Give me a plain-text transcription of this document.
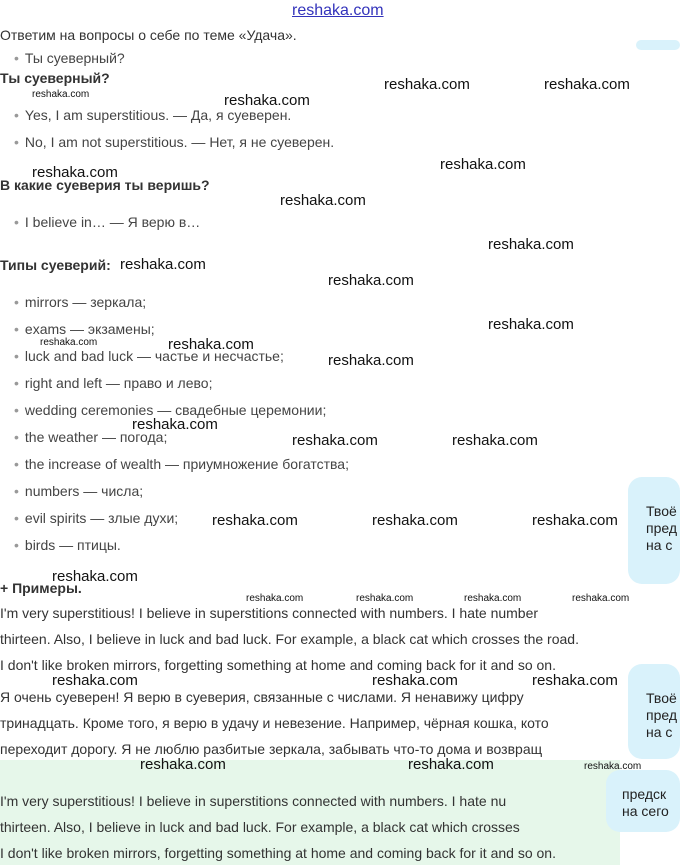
reshaka.com
Ответим на вопросы о себе по теме «Удача».
• Ты суеверный?
Ты суеверный?
• Yes, I am superstitious. — Да, я суеверен.
• No, I am not superstitious. — Нет, я не суеверен.
В какие суеверия ты веришь?
• I believe in… — Я верю в…
Типы суеверий:
• mirrors — зеркала;
• exams — экзамены;
• luck and bad luck — частье и несчастье;
• right and left — право и лево;
• wedding ceremonies — свадебные церемонии;
• the weather — погода;
• the increase of wealth — приумножение богатства;
• numbers — числа;
• evil spirits — злые духи;
• birds — птицы.
+ Примеры.
I'm very superstitious! I believe in superstitions connected with numbers. I hate number
thirteen. Also, I believe in luck and bad luck. For example, a black cat which crosses the road.
I don't like broken mirrors, forgetting something at home and coming back for it and so on.
Я очень суеверен! Я верю в суеверия, связанные с числами. Я ненавижу цифру
тринадцать. Кроме того, я верю в удачу и невезение. Например, чёрная кошка, кото
переходит дорогу. Я не люблю разбитые зеркала, забывать что-то дома и возвращ
I'm very superstitious! I believe in superstitions connected with numbers. I hate nu
thirteen. Also, I believe in luck and bad luck. For example, a black cat which crosses
I don't like broken mirrors, forgetting something at home and coming back for it and so on.
Твоё
пред
на с
Твоё
пред
на с
предск
на сего
reshaka.com	reshaka.com
reshaka.com	reshaka.com
reshaka.com	reshaka.com
reshaka.com
reshaka.com
reshaka.com
reshaka.com
reshaka.com
reshaka.com	reshaka.com
reshaka.com
reshaka.com
reshaka.com	reshaka.com
reshaka.com	reshaka.com	reshaka.com
reshaka.com
reshaka.com	reshaka.com	reshaka.com	reshaka.com
reshaka.com	reshaka.com	reshaka.com
reshaka.com	reshaka.com	reshaka.com
